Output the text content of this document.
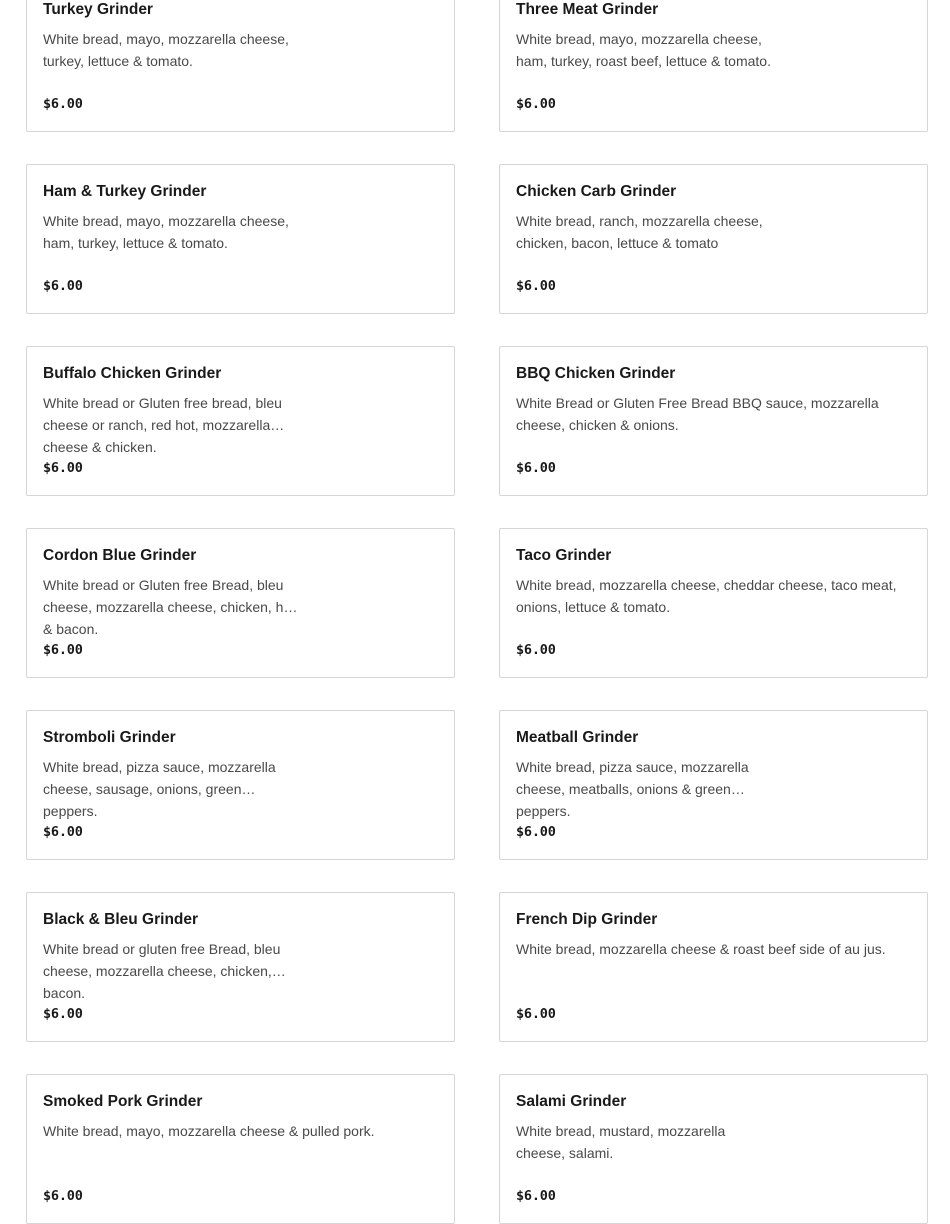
Turkey Grinder
White bread, mayo, mozzarella cheese, turkey, lettuce & tomato.
$6.00
Three Meat Grinder
White bread, mayo, mozzarella cheese, ham, turkey, roast beef, lettuce & tomato.
$6.00
Ham & Turkey Grinder
White bread, mayo, mozzarella cheese, ham, turkey, lettuce & tomato.
$6.00
Chicken Carb Grinder
White bread, ranch, mozzarella cheese, chicken, bacon, lettuce & tomato
$6.00
Buffalo Chicken Grinder
White bread or Gluten free bread, bleu cheese or ranch, red hot, mozzarella cheese & chicken.
$6.00
BBQ Chicken Grinder
White Bread or Gluten Free Bread BBQ sauce, mozzarella cheese, chicken & onions.
$6.00
Cordon Blue Grinder
White bread or Gluten free Bread, bleu cheese, mozzarella cheese, chicken, ham & bacon.
$6.00
Taco Grinder
White bread, mozzarella cheese, cheddar cheese, taco meat, onions, lettuce & tomato.
$6.00
Stromboli Grinder
White bread, pizza sauce, mozzarella cheese, sausage, onions, green peppers.
$6.00
Meatball Grinder
White bread, pizza sauce, mozzarella cheese, meatballs, onions & green peppers.
$6.00
Black & Bleu Grinder
White bread or gluten free Bread, bleu cheese, mozzarella cheese, chicken, bacon.
$6.00
French Dip Grinder
White bread, mozzarella cheese & roast beef side of au jus.
$6.00
Smoked Pork Grinder
White bread, mayo, mozzarella cheese & pulled pork.
$6.00
Salami Grinder
White bread, mustard, mozzarella cheese, salami.
$6.00
